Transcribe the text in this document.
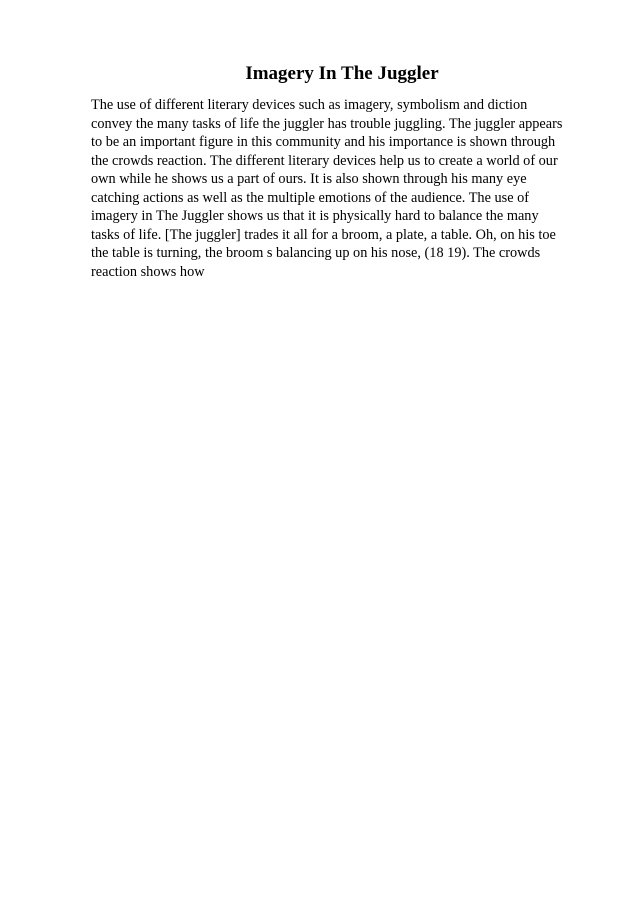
Imagery In The Juggler
The use of different literary devices such as imagery, symbolism and diction
convey the many tasks of life the juggler has trouble juggling. The juggler appears
to be an important figure in this community and his importance is shown through
the crowds reaction. The different literary devices help us to create a world of our
own while he shows us a part of ours. It is also shown through his many eye
catching actions as well as the multiple emotions of the audience. The use of
imagery in The Juggler shows us that it is physically hard to balance the many
tasks of life. [The juggler] trades it all for a broom, a plate, a table. Oh, on his toe
the table is turning, the broom s balancing up on his nose, (18 19). The crowds
reaction shows how
